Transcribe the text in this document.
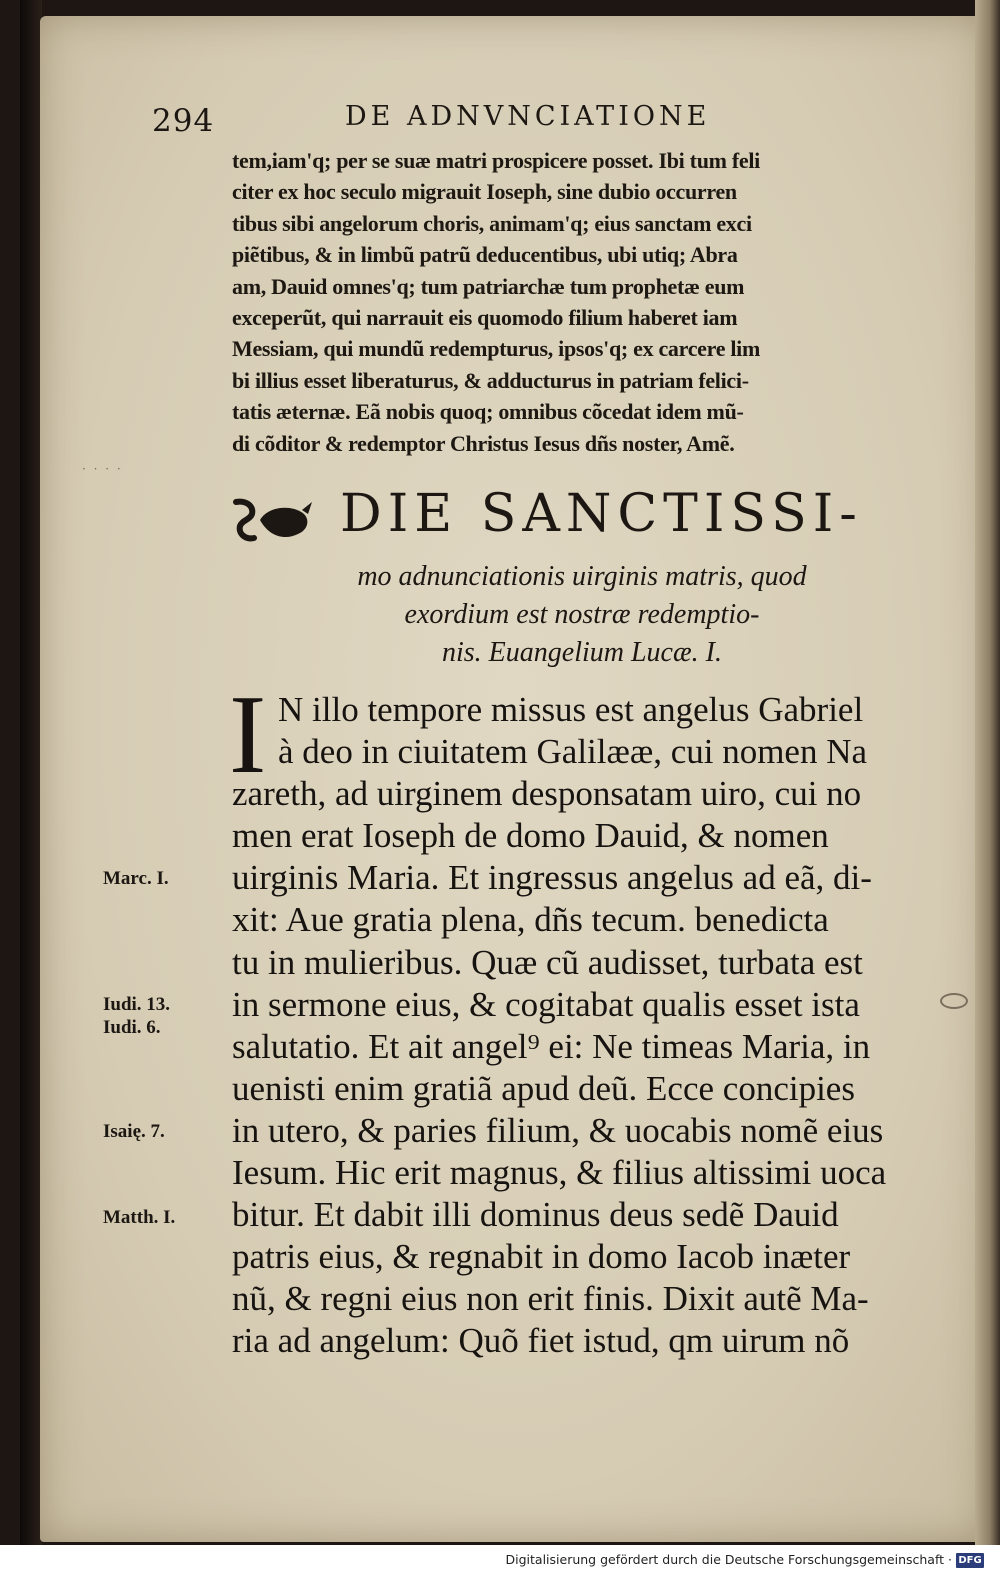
294	DE ADNVNCIATIONE
tem,iam'q; per se suæ matri prospicere posset. Ibi tum feli
citer ex hoc seculo migrauit Ioseph, sine dubio occurren
tibus sibi angelorum choris, animam'q; eius sanctam exci
piẽtibus, & in limbũ patrũ deducentibus, ubi utiq; Abra
am, Dauid omnes'q; tum patriarchæ tum prophetæ eum
exceperũt, qui narrauit eis quomodo filium haberet iam
Messiam, qui mundũ redempturus, ipsos'q; ex carcere lim
bi illius esset liberaturus, & adducturus in patriam felici-
tatis æternæ. Eã nobis quoq; omnibus cõcedat idem mũ-
di cõditor & redemptor Christus Iesus dñs noster, Amẽ.
· · · ·
DIE SANCTISSI-
mo adnunciationis uirginis matris, quod
exordium est nostræ redemptio-
nis. Euangelium Lucæ. I.
I N illo tempore missus est angelus Gabriel
à deo in ciuitatem Galilææ, cui nomen Na
zareth, ad uirginem desponsatam uiro, cui no
men erat Ioseph de domo Dauid, & nomen
uirginis Maria. Et ingressus angelus ad eã, di-
xit: Aue gratia plena, dñs tecum. benedicta
tu in mulieribus. Quæ cũ audisset, turbata est
in sermone eius, & cogitabat qualis esset ista
salutatio. Et ait angel⁹ ei: Ne timeas Maria, in
uenisti enim gratiã apud deũ. Ecce concipies
in utero, & paries filium, & uocabis nomẽ eius
Iesum. Hic erit magnus, & filius altissimi uoca
bitur. Et dabit illi dominus deus sedẽ Dauid
patris eius, & regnabit in domo Iacob inæter
nũ, & regni eius non erit finis. Dixit autẽ Ma-
ria ad angelum: Quõ fiet istud, qm uirum nõ
Marc. I.
Iudi. 13.
Iudi. 6.
Isaię. 7.
Matth. I.
Digitalisierung gefördert durch die Deutsche Forschungsgemeinschaft · DFG
